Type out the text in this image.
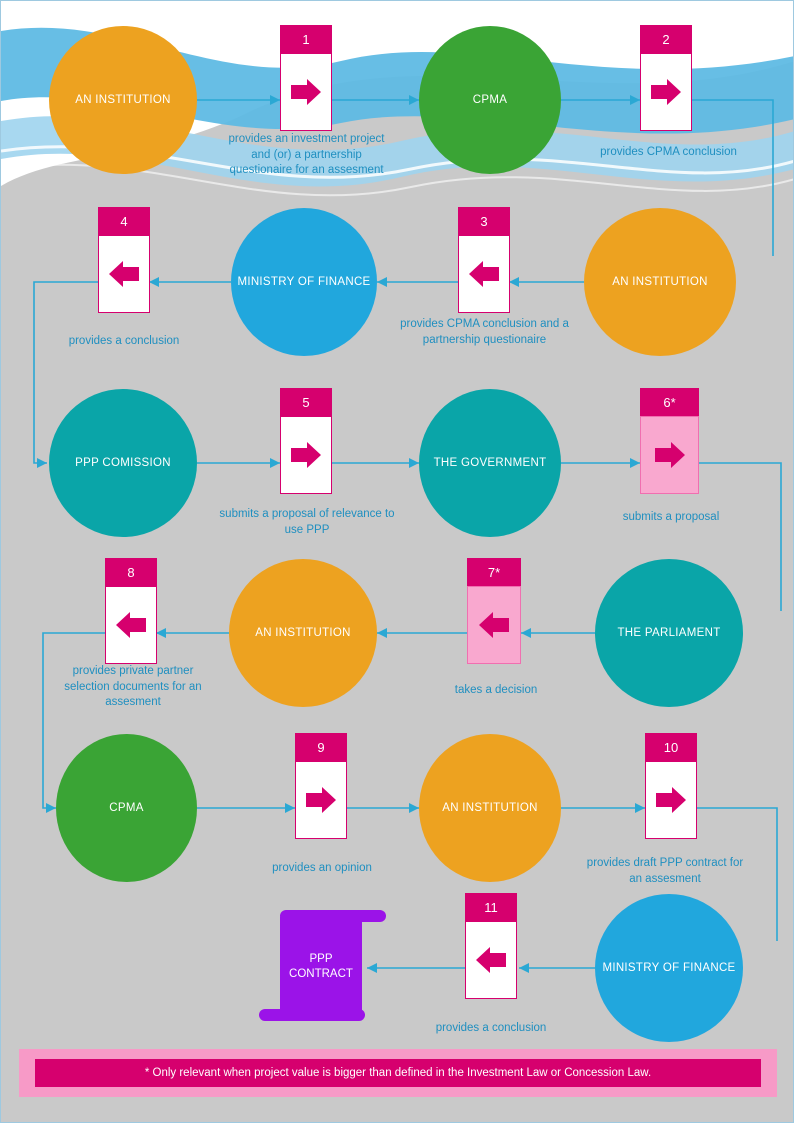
AN INSTITUTION
1
provides an investment project and (or) a partnership questionaire for an assesment
CPMA
2
provides CPMA conclusion
AN INSTITUTION
3
provides CPMA conclusion and a partnership questionaire
MINISTRY OF FINANCE
4
provides a conclusion
PPP COMISSION
5
submits a proposal of relevance to use PPP
THE GOVERNMENT
6*
submits a proposal
THE PARLIAMENT
7*
takes a decision
AN INSTITUTION
8
provides private partner selection documents for an assesment
CPMA
9
provides an opinion
AN INSTITUTION
10
provides draft PPP contract for an assesment
MINISTRY OF FINANCE
11
provides a conclusion
PPP CONTRACT
* Only relevant when project value is bigger than defined in the Investment Law or Concession Law.
